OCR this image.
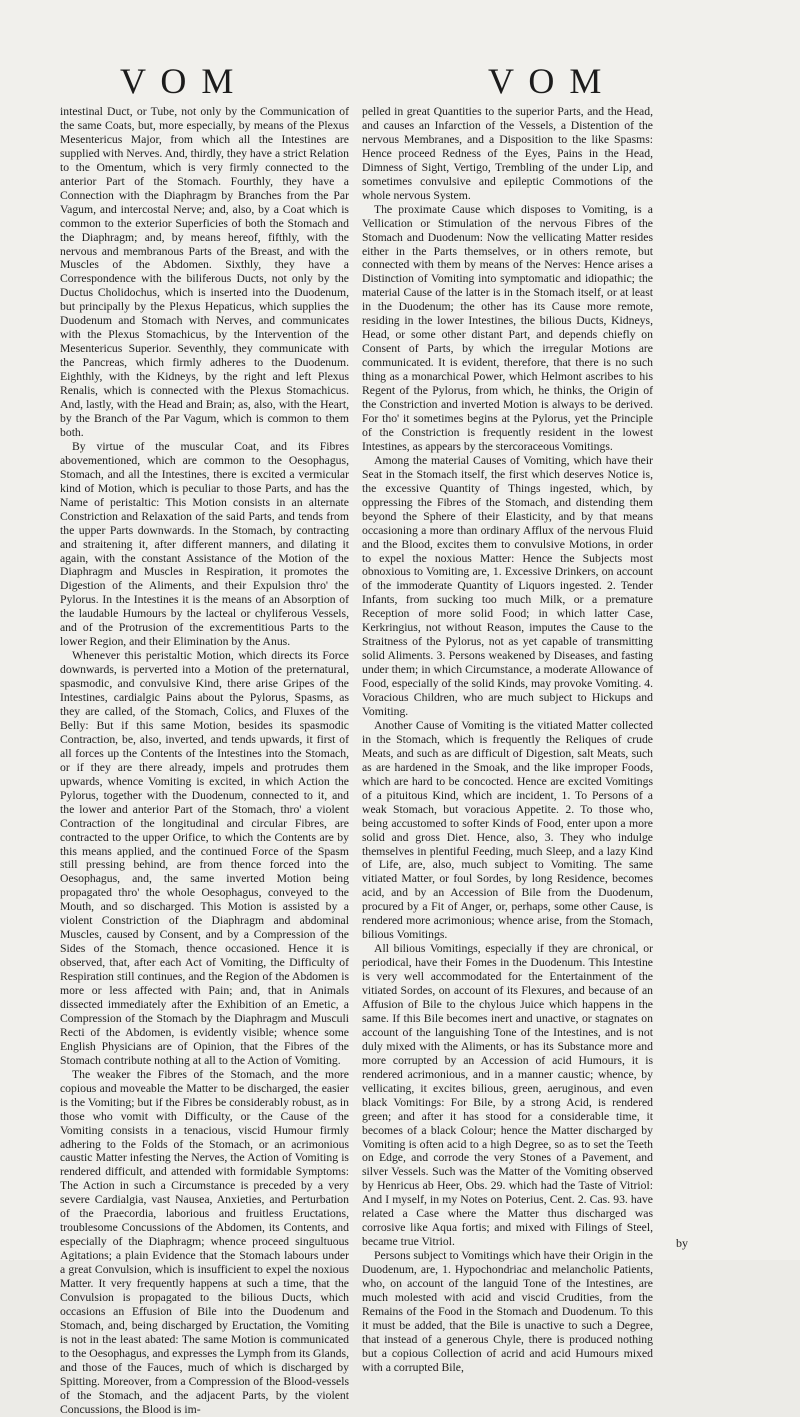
V O M	V O M

intestinal Duct, or Tube, not only by the Communication of the same Coats, but, more especially, by means of the Plexus Mesentericus Major, from which all the Intestines are supplied with Nerves. And, thirdly, they have a strict Relation to the Omentum, which is very firmly connected to the anterior Part of the Stomach. Fourthly, they have a Connection with the Diaphragm by Branches from the Par Vagum, and intercostal Nerve; and, also, by a Coat which is common to the exterior Superficies of both the Stomach and the Diaphragm; and, by means hereof, fifthly, with the nervous and membranous Parts of the Breast, and with the Muscles of the Abdomen. Sixthly, they have a Correspondence with the biliferous Ducts, not only by the Ductus Cholidochus, which is inserted into the Duodenum, but principally by the Plexus Hepaticus, which supplies the Duodenum and Stomach with Nerves, and communicates with the Plexus Stomachicus, by the Intervention of the Mesentericus Superior. Seventhly, they communicate with the Pancreas, which firmly adheres to the Duodenum. Eighthly, with the Kidneys, by the right and left Plexus Renalis, which is connected with the Plexus Stomachicus. And, lastly, with the Head and Brain; as, also, with the Heart, by the Branch of the Par Vagum, which is common to them both.

By virtue of the muscular Coat, and its Fibres abovementioned, which are common to the Oesophagus, Stomach, and all the Intestines, there is excited a vermicular kind of Motion, which is peculiar to those Parts, and has the Name of peristaltic: This Motion consists in an alternate Constriction and Relaxation of the said Parts, and tends from the upper Parts downwards. In the Stomach, by contracting and straitening it, after different manners, and dilating it again, with the constant Assistance of the Motion of the Diaphragm and Muscles in Respiration, it promotes the Digestion of the Aliments, and their Expulsion thro' the Pylorus. In the Intestines it is the means of an Absorption of the laudable Humours by the lacteal or chyliferous Vessels, and of the Protrusion of the excrementitious Parts to the lower Region, and their Elimination by the Anus.

Whenever this peristaltic Motion, which directs its Force downwards, is perverted into a Motion of the preternatural, spasmodic, and convulsive Kind, there arise Gripes of the Intestines, cardialgic Pains about the Pylorus, Spasms, as they are called, of the Stomach, Colics, and Fluxes of the Belly: But if this same Motion, besides its spasmodic Contraction, be, also, inverted, and tends upwards, it first of all forces up the Contents of the Intestines into the Stomach, or if they are there already, impels and protrudes them upwards, whence Vomiting is excited, in which Action the Pylorus, together with the Duodenum, connected to it, and the lower and anterior Part of the Stomach, thro' a violent Contraction of the longitudinal and circular Fibres, are contracted to the upper Orifice, to which the Contents are by this means applied, and the continued Force of the Spasm still pressing behind, are from thence forced into the Oesophagus, and, the same inverted Motion being propagated thro' the whole Oesophagus, conveyed to the Mouth, and so discharged. This Motion is assisted by a violent Constriction of the Diaphragm and abdominal Muscles, caused by Consent, and by a Compression of the Sides of the Stomach, thence occasioned. Hence it is observed, that, after each Act of Vomiting, the Difficulty of Respiration still continues, and the Region of the Abdomen is more or less affected with Pain; and, that in Animals dissected immediately after the Exhibition of an Emetic, a Compression of the Stomach by the Diaphragm and Musculi Recti of the Abdomen, is evidently visible; whence some English Physicians are of Opinion, that the Fibres of the Stomach contribute nothing at all to the Action of Vomiting.

The weaker the Fibres of the Stomach, and the more copious and moveable the Matter to be discharged, the easier is the Vomiting; but if the Fibres be considerably robust, as in those who vomit with Difficulty, or the Cause of the Vomiting consists in a tenacious, viscid Humour firmly adhering to the Folds of the Stomach, or an acrimonious caustic Matter infesting the Nerves, the Action of Vomiting is rendered difficult, and attended with formidable Symptoms: The Action in such a Circumstance is preceded by a very severe Cardialgia, vast Nausea, Anxieties, and Perturbation of the Praecordia, laborious and fruitless Eructations, troublesome Concussions of the Abdomen, its Contents, and especially of the Diaphragm; whence proceed singultuous Agitations; a plain Evidence that the Stomach labours under a great Convulsion, which is insufficient to expel the noxious Matter. It very frequently happens at such a time, that the Convulsion is propagated to the bilious Ducts, which occasions an Effusion of Bile into the Duodenum and Stomach, and, being discharged by Eructation, the Vomiting is not in the least abated: The same Motion is communicated to the Oesophagus, and expresses the Lymph from its Glands, and those of the Fauces, much of which is discharged by Spitting. Moreover, from a Compression of the Blood-vessels of the Stomach, and the adjacent Parts, by the violent Concussions, the Blood is im-

pelled in great Quantities to the superior Parts, and the Head, and causes an Infarction of the Vessels, a Distention of the nervous Membranes, and a Disposition to the like Spasms: Hence proceed Redness of the Eyes, Pains in the Head, Dimness of Sight, Vertigo, Trembling of the under Lip, and sometimes convulsive and epileptic Commotions of the whole nervous System.

The proximate Cause which disposes to Vomiting, is a Vellication or Stimulation of the nervous Fibres of the Stomach and Duodenum: Now the vellicating Matter resides either in the Parts themselves, or in others remote, but connected with them by means of the Nerves: Hence arises a Distinction of Vomiting into symptomatic and idiopathic; the material Cause of the latter is in the Stomach itself, or at least in the Duodenum; the other has its Cause more remote, residing in the lower Intestines, the bilious Ducts, Kidneys, Head, or some other distant Part, and depends chiefly on Consent of Parts, by which the irregular Motions are communicated. It is evident, therefore, that there is no such thing as a monarchical Power, which Helmont ascribes to his Regent of the Pylorus, from which, he thinks, the Origin of the Constriction and inverted Motion is always to be derived. For tho' it sometimes begins at the Pylorus, yet the Principle of the Constriction is frequently resident in the lowest Intestines, as appears by the stercoraceous Vomitings.

Among the material Causes of Vomiting, which have their Seat in the Stomach itself, the first which deserves Notice is, the excessive Quantity of Things ingested, which, by oppressing the Fibres of the Stomach, and distending them beyond the Sphere of their Elasticity, and by that means occasioning a more than ordinary Afflux of the nervous Fluid and the Blood, excites them to convulsive Motions, in order to expel the noxious Matter: Hence the Subjects most obnoxious to Vomiting are, 1. Excessive Drinkers, on account of the immoderate Quantity of Liquors ingested. 2. Tender Infants, from sucking too much Milk, or a premature Reception of more solid Food; in which latter Case, Kerkringius, not without Reason, imputes the Cause to the Straitness of the Pylorus, not as yet capable of transmitting solid Aliments. 3. Persons weakened by Diseases, and fasting under them; in which Circumstance, a moderate Allowance of Food, especially of the solid Kinds, may provoke Vomiting. 4. Voracious Children, who are much subject to Hickups and Vomiting.

Another Cause of Vomiting is the vitiated Matter collected in the Stomach, which is frequently the Reliques of crude Meats, and such as are difficult of Digestion, salt Meats, such as are hardened in the Smoak, and the like improper Foods, which are hard to be concocted. Hence are excited Vomitings of a pituitous Kind, which are incident, 1. To Persons of a weak Stomach, but voracious Appetite. 2. To those who, being accustomed to softer Kinds of Food, enter upon a more solid and gross Diet. Hence, also, 3. They who indulge themselves in plentiful Feeding, much Sleep, and a lazy Kind of Life, are, also, much subject to Vomiting. The same vitiated Matter, or foul Sordes, by long Residence, becomes acid, and by an Accession of Bile from the Duodenum, procured by a Fit of Anger, or, perhaps, some other Cause, is rendered more acrimonious; whence arise, from the Stomach, bilious Vomitings.

All bilious Vomitings, especially if they are chronical, or periodical, have their Fomes in the Duodenum. This Intestine is very well accommodated for the Entertainment of the vitiated Sordes, on account of its Flexures, and because of an Affusion of Bile to the chylous Juice which happens in the same. If this Bile becomes inert and unactive, or stagnates on account of the languishing Tone of the Intestines, and is not duly mixed with the Aliments, or has its Substance more and more corrupted by an Accession of acid Humours, it is rendered acrimonious, and in a manner caustic; whence, by vellicating, it excites bilious, green, aeruginous, and even black Vomitings: For Bile, by a strong Acid, is rendered green; and after it has stood for a considerable time, it becomes of a black Colour; hence the Matter discharged by Vomiting is often acid to a high Degree, so as to set the Teeth on Edge, and corrode the very Stones of a Pavement, and silver Vessels. Such was the Matter of the Vomiting observed by Henricus ab Heer, Obs. 29. which had the Taste of Vitriol: And I myself, in my Notes on Poterius, Cent. 2. Cas. 93. have related a Case where the Matter thus discharged was corrosive like Aqua fortis; and mixed with Filings of Steel, became true Vitriol.

Persons subject to Vomitings which have their Origin in the Duodenum, are, 1. Hypochondriac and melancholic Patients, who, on account of the languid Tone of the Intestines, are much molested with acid and viscid Crudities, from the Remains of the Food in the Stomach and Duodenum. To this it must be added, that the Bile is unactive to such a Degree, that instead of a generous Chyle, there is produced nothing but a copious Collection of acrid and acid Humours mixed with a corrupted Bile,

by
